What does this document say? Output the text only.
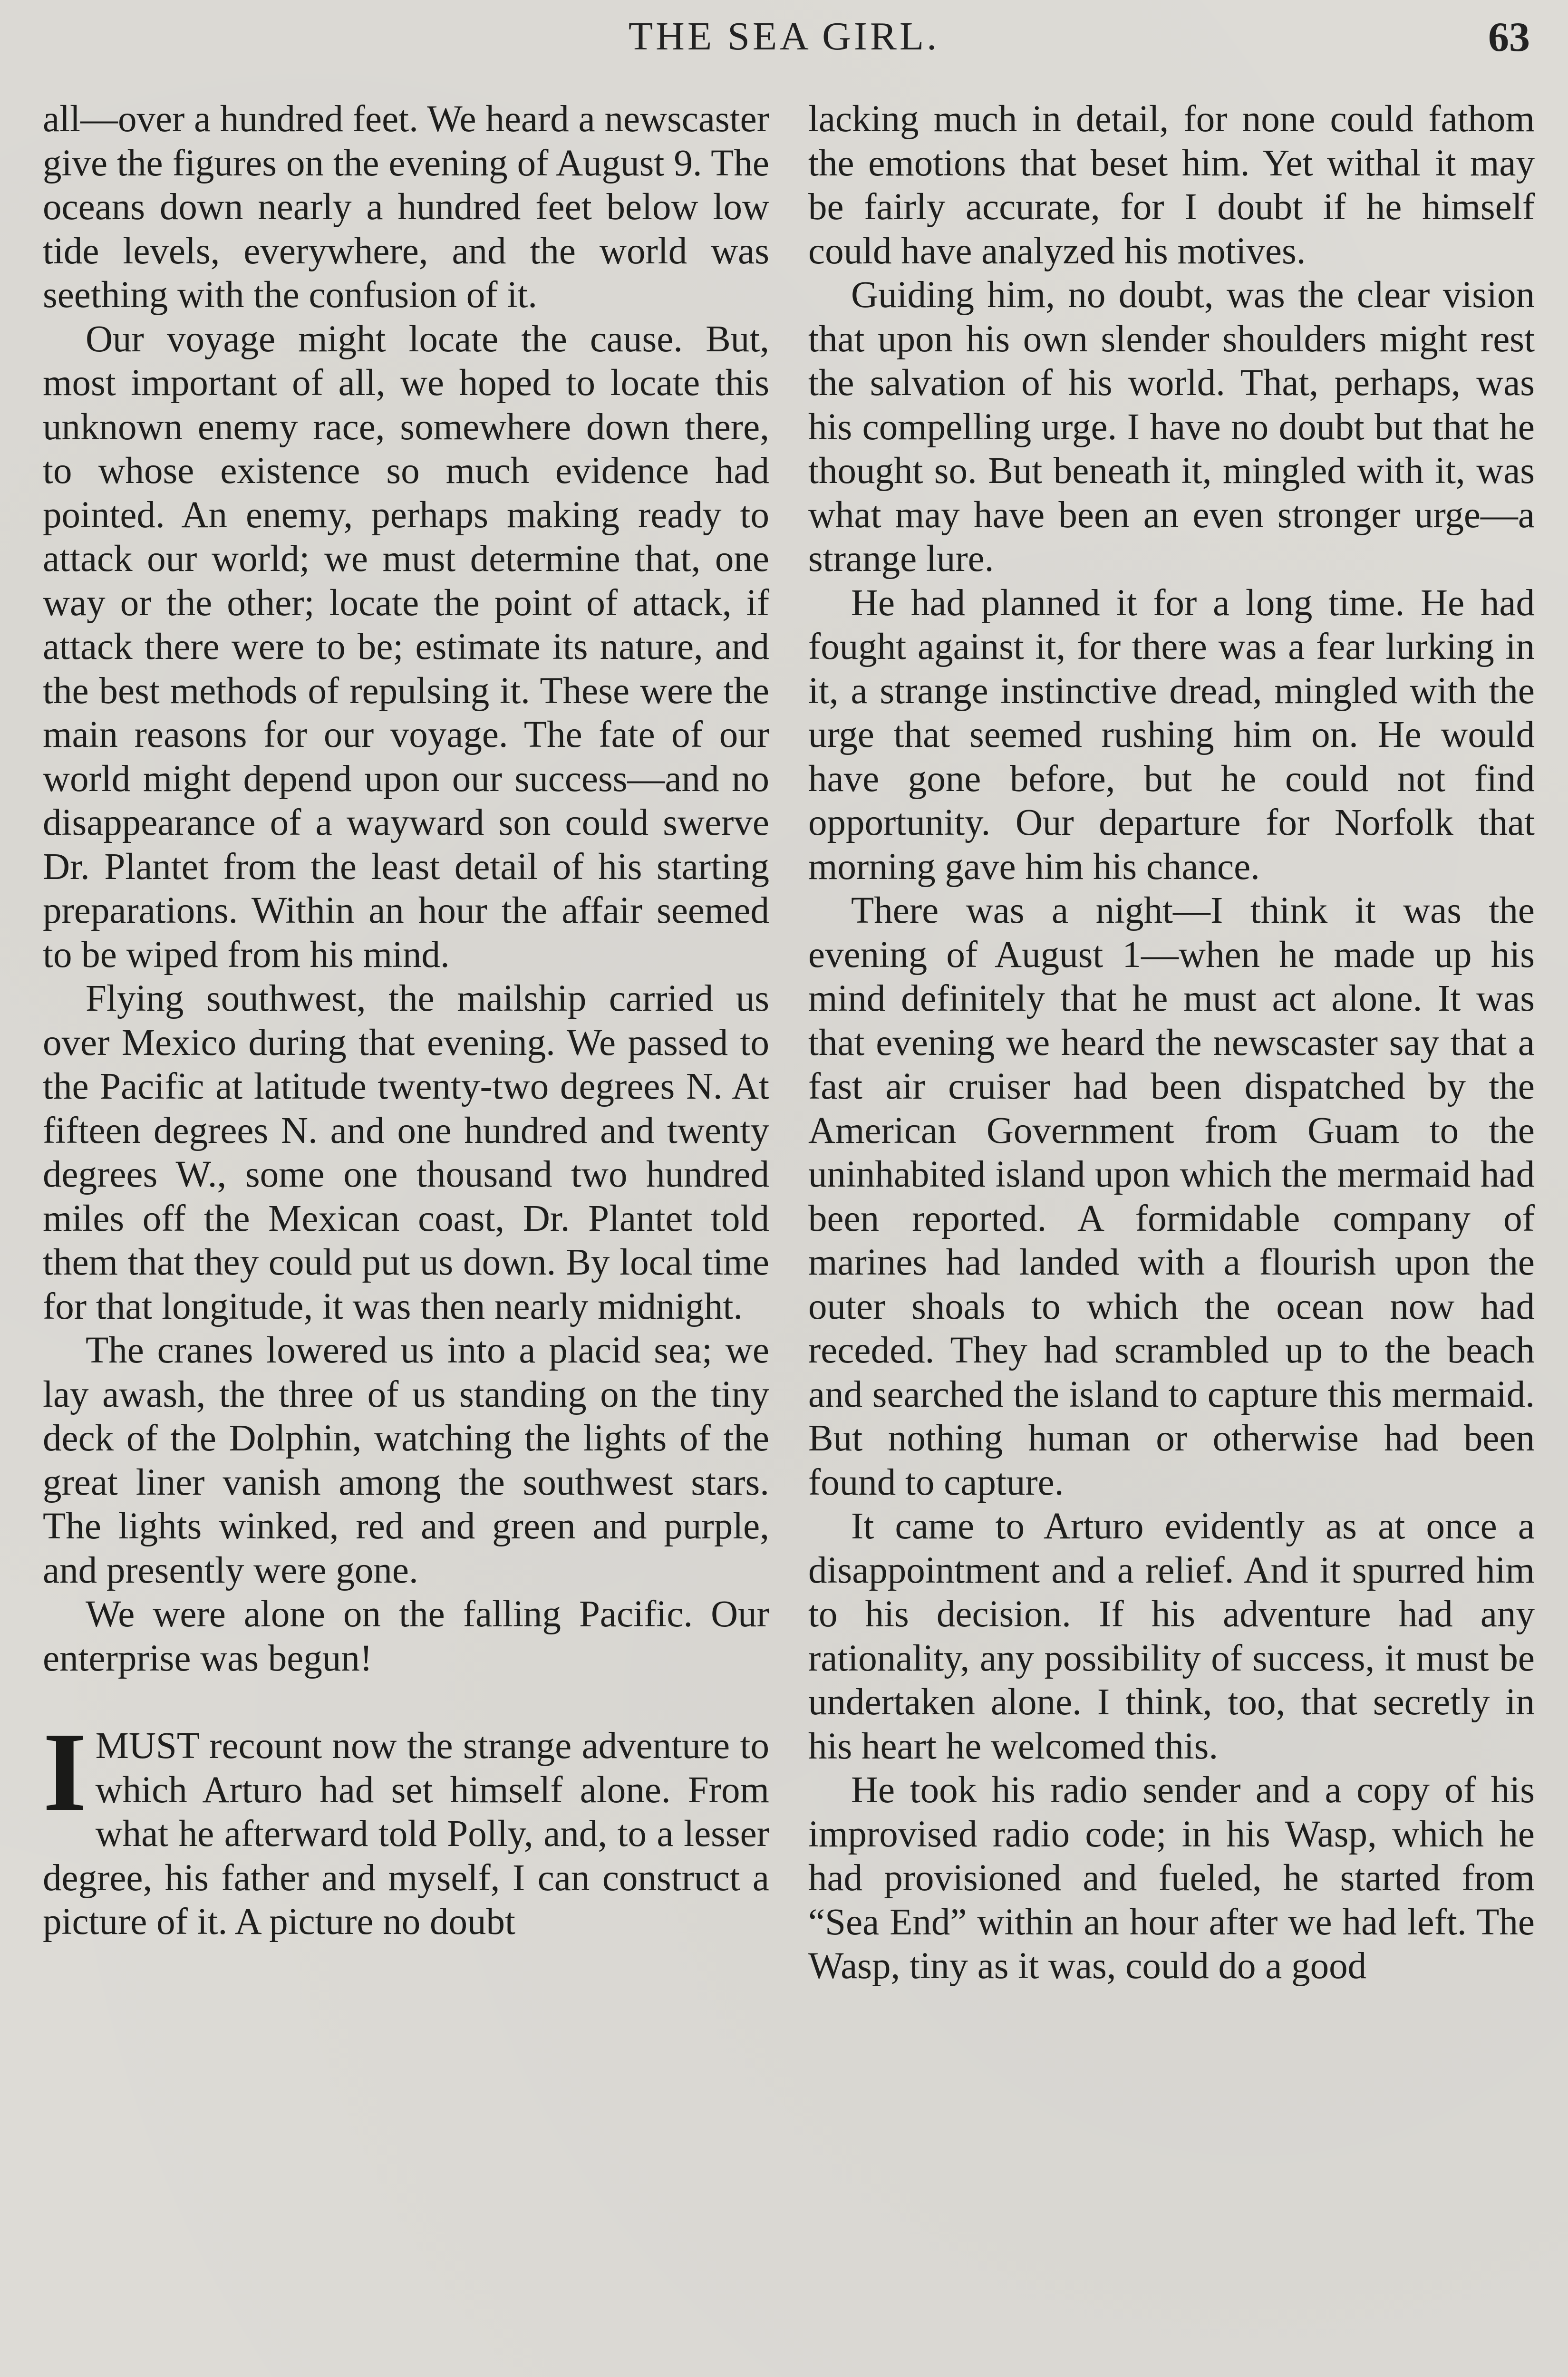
THE SEA GIRL.	63

all—over a hundred feet. We heard a newscaster give the figures on the evening of August 9. The oceans down nearly a hundred feet below low tide levels, everywhere, and the world was seething with the confusion of it.

Our voyage might locate the cause. But, most important of all, we hoped to locate this unknown enemy race, somewhere down there, to whose existence so much evidence had pointed. An enemy, perhaps making ready to attack our world; we must determine that, one way or the other; locate the point of attack, if attack there were to be; estimate its nature, and the best methods of repulsing it. These were the main reasons for our voyage. The fate of our world might depend upon our success—and no disappearance of a wayward son could swerve Dr. Plantet from the least detail of his starting preparations. Within an hour the affair seemed to be wiped from his mind.

Flying southwest, the mailship carried us over Mexico during that evening. We passed to the Pacific at latitude twenty-two degrees N. At fifteen degrees N. and one hundred and twenty degrees W., some one thousand two hundred miles off the Mexican coast, Dr. Plantet told them that they could put us down. By local time for that longitude, it was then nearly midnight.

The cranes lowered us into a placid sea; we lay awash, the three of us standing on the tiny deck of the Dolphin, watching the lights of the great liner vanish among the southwest stars. The lights winked, red and green and purple, and presently were gone.

We were alone on the falling Pacific. Our enterprise was begun!

I MUST recount now the strange adventure to which Arturo had set himself alone. From what he afterward told Polly, and, to a lesser degree, his father and myself, I can construct a picture of it. A picture no doubt

lacking much in detail, for none could fathom the emotions that beset him. Yet withal it may be fairly accurate, for I doubt if he himself could have analyzed his motives.

Guiding him, no doubt, was the clear vision that upon his own slender shoulders might rest the salvation of his world. That, perhaps, was his compelling urge. I have no doubt but that he thought so. But beneath it, mingled with it, was what may have been an even stronger urge—a strange lure.

He had planned it for a long time. He had fought against it, for there was a fear lurking in it, a strange instinctive dread, mingled with the urge that seemed rushing him on. He would have gone before, but he could not find opportunity. Our departure for Norfolk that morning gave him his chance.

There was a night—I think it was the evening of August 1—when he made up his mind definitely that he must act alone. It was that evening we heard the newscaster say that a fast air cruiser had been dispatched by the American Government from Guam to the uninhabited island upon which the mermaid had been reported. A formidable company of marines had landed with a flourish upon the outer shoals to which the ocean now had receded. They had scrambled up to the beach and searched the island to capture this mermaid. But nothing human or otherwise had been found to capture.

It came to Arturo evidently as at once a disappointment and a relief. And it spurred him to his decision. If his adventure had any rationality, any possibility of success, it must be undertaken alone. I think, too, that secretly in his heart he welcomed this.

He took his radio sender and a copy of his improvised radio code; in his Wasp, which he had provisioned and fueled, he started from “Sea End” within an hour after we had left. The Wasp, tiny as it was, could do a good
